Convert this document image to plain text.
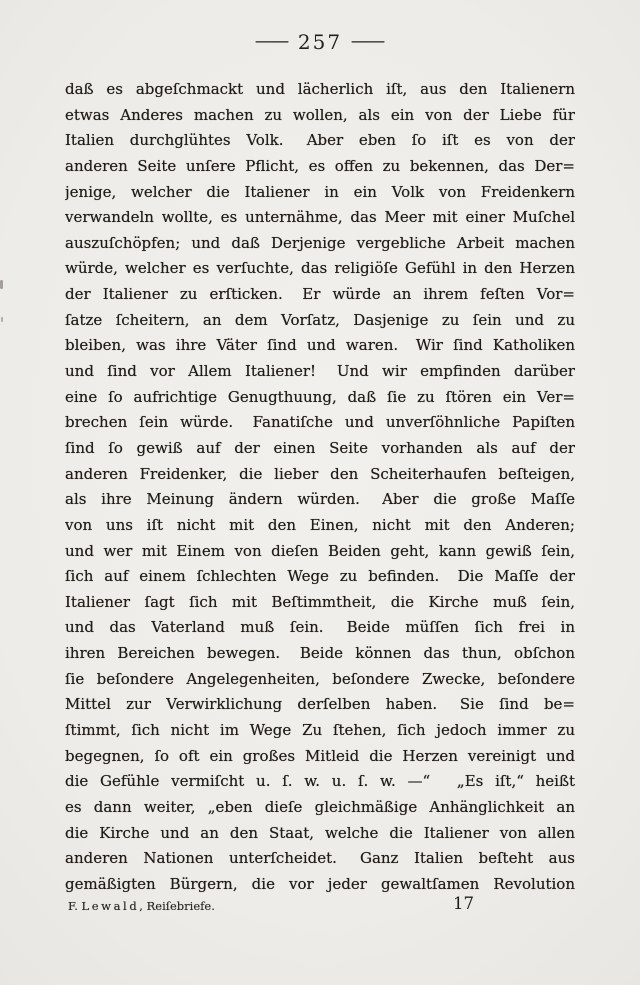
— 257 —
daß es abgeſchmackt und lächerlich iſt, aus den Italienern
etwas Anderes machen zu wollen, als ein von der Liebe für
Italien durchglühtes Volk.  Aber eben ſo iſt es von der
anderen Seite unſere Pflicht, es offen zu bekennen, das Der=
jenige, welcher die Italiener in ein Volk von Freidenkern
verwandeln wollte, es unternähme, das Meer mit einer Muſchel
auszuſchöpfen; und daß Derjenige vergebliche Arbeit machen
würde, welcher es verſuchte, das religiöſe Gefühl in den Herzen
der Italiener zu erſticken.  Er würde an ihrem feſten Vor=
ſatze ſcheitern, an dem Vorſatz, Dasjenige zu ſein und zu
bleiben, was ihre Väter ſind und waren.  Wir ſind Katholiken
und ſind vor Allem Italiener!  Und wir empfinden darüber
eine ſo aufrichtige Genugthuung, daß ſie zu ſtören ein Ver=
brechen ſein würde.  Fanatiſche und unverſöhnliche Papiſten
ſind ſo gewiß auf der einen Seite vorhanden als auf der
anderen Freidenker, die lieber den Scheiterhaufen beſteigen,
als ihre Meinung ändern würden.  Aber die große Maſſe
von uns iſt nicht mit den Einen, nicht mit den Anderen;
und wer mit Einem von dieſen Beiden geht, kann gewiß ſein,
ſich auf einem ſchlechten Wege zu befinden.  Die Maſſe der
Italiener ſagt ſich mit Beſtimmtheit, die Kirche muß ſein,
und das Vaterland muß ſein.  Beide müſſen ſich frei in
ihren Bereichen bewegen.  Beide können das thun, obſchon
ſie beſondere Angelegenheiten, beſondere Zwecke, beſondere
Mittel zur Verwirklichung derſelben haben.  Sie ſind be=
ſtimmt, ſich nicht im Wege Zu ſtehen, ſich jedoch immer zu
begegnen, ſo oft ein großes Mitleid die Herzen vereinigt und
die Gefühle vermiſcht u. ſ. w. u. ſ. w. —“  „Es iſt,“ heißt
es dann weiter, „eben dieſe gleichmäßige Anhänglichkeit an
die Kirche und an den Staat, welche die Italiener von allen
anderen Nationen unterſcheidet.  Ganz Italien beſteht aus
gemäßigten Bürgern, die vor jeder gewaltſamen Revolution
F. Lewald, Reiſebriefe.	17
